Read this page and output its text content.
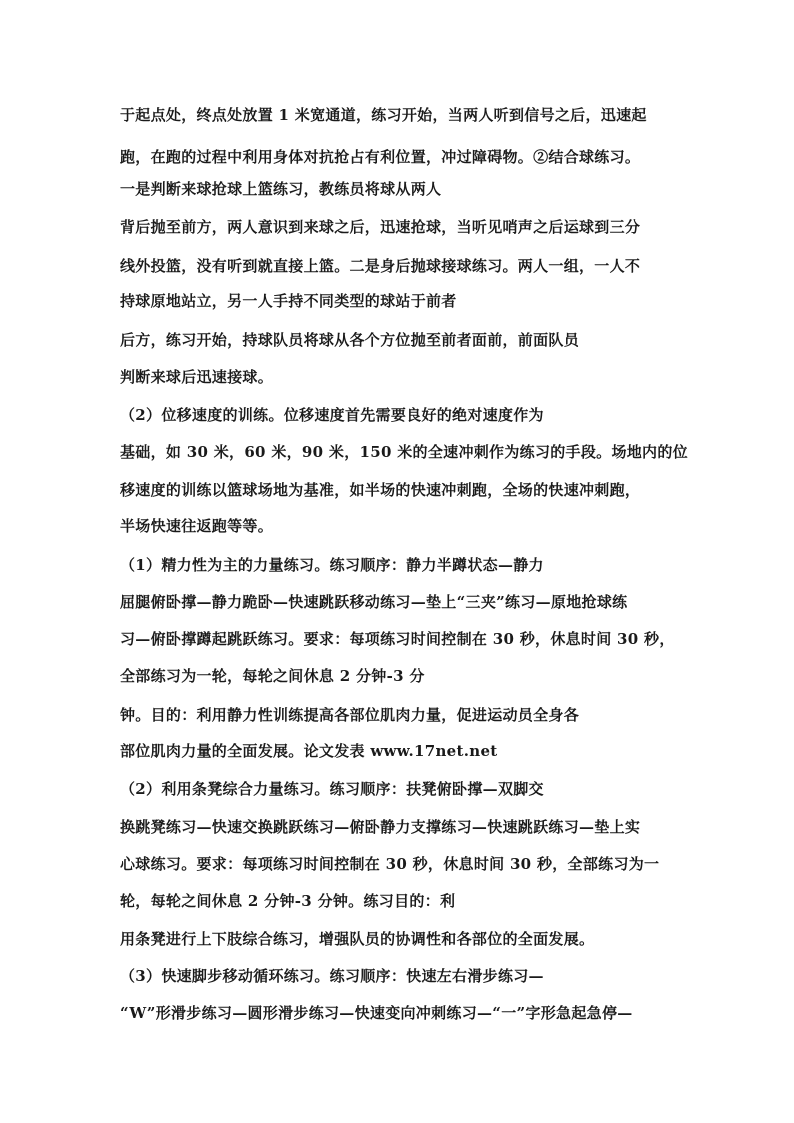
于起点处，终点处放置 1 米宽通道，练习开始，当两人听到信号之后，迅速起

跑，在跑的过程中利用身体对抗抢占有利位置，冲过障碍物。②结合球练习。

一是判断来球抢球上篮练习，教练员将球从两人

背后抛至前方，两人意识到来球之后，迅速抢球，当听见哨声之后运球到三分

线外投篮，没有听到就直接上篮。二是身后抛球接球练习。两人一组，一人不

持球原地站立，另一人手持不同类型的球站于前者

后方，练习开始，持球队员将球从各个方位抛至前者面前，前面队员

判断来球后迅速接球。

（2）位移速度的训练。位移速度首先需要良好的绝对速度作为

基础，如 30 米，60 米，90 米，150 米的全速冲刺作为练习的手段。场地内的位

移速度的训练以篮球场地为基准，如半场的快速冲刺跑，全场的快速冲刺跑，

半场快速往返跑等等。

（1）精力性为主的力量练习。练习顺序：静力半蹲状态—静力

屈腿俯卧撑—静力跪卧—快速跳跃移动练习—垫上“三夹”练习—原地抢球练

习—俯卧撑蹲起跳跃练习。要求：每项练习时间控制在 30 秒，休息时间 30 秒，

全部练习为一轮，每轮之间休息 2 分钟-3 分

钟。目的：利用静力性训练提高各部位肌肉力量，促进运动员全身各

部位肌肉力量的全面发展。论文发表 www.17net.net

（2）利用条凳综合力量练习。练习顺序：扶凳俯卧撑—双脚交

换跳凳练习—快速交换跳跃练习—俯卧静力支撑练习—快速跳跃练习—垫上实

心球练习。要求：每项练习时间控制在 30 秒，休息时间 30 秒，全部练习为一

轮，每轮之间休息 2 分钟-3 分钟。练习目的：利

用条凳进行上下肢综合练习，增强队员的协调性和各部位的全面发展。

（3）快速脚步移动循环练习。练习顺序：快速左右滑步练习—

“W”形滑步练习—圆形滑步练习—快速变向冲刺练习—“一”字形急起急停—
